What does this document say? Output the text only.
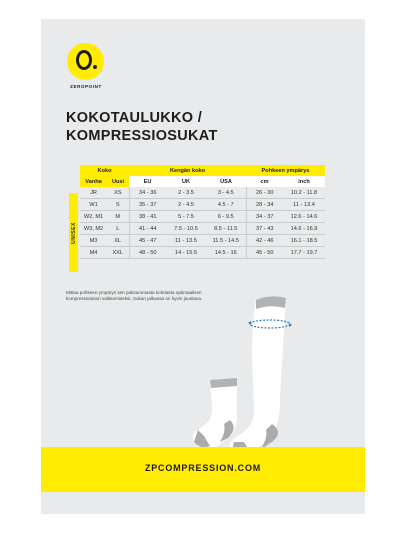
ZEROPOINT
KOKOTAULUKKO /
KOMPRESSIOSUKAT
UNISEX
Koko		Kengän koko			Pohkeen ympärys	
Vanha	Uusi	EU	UK	USA	cm	inch
JR	XS	34 - 36	2 - 3.5	3 - 4.5	26 - 30	10.2 - 11.8
W1	S	35 - 37	2 - 4.5	4.5 - 7	28 - 34	11 - 13.4
W2, M1	M	38 - 41	5 - 7.5	6 - 9.5	34 - 37	12.6 - 14.6
W3, M2	L	41 - 44	7.5 - 10.5	8.5 - 11.5	37 - 43	14.6 - 16.9
M3	XL	45 - 47	11 - 13.5	11.5 - 14.5	42 - 46	16.1 - 18.5
M4	XXL	48 - 50	14 - 15.5	14.5 - 16	45 - 50	17.7 - 19.7
Mittaa pohkeen ympärys sen paksummasta kohdasta optimaalisen kompressiotason valitsemiseksi. Sukan jalkaosa on hyvin joustava.
ZPCOMPRESSION.COM
